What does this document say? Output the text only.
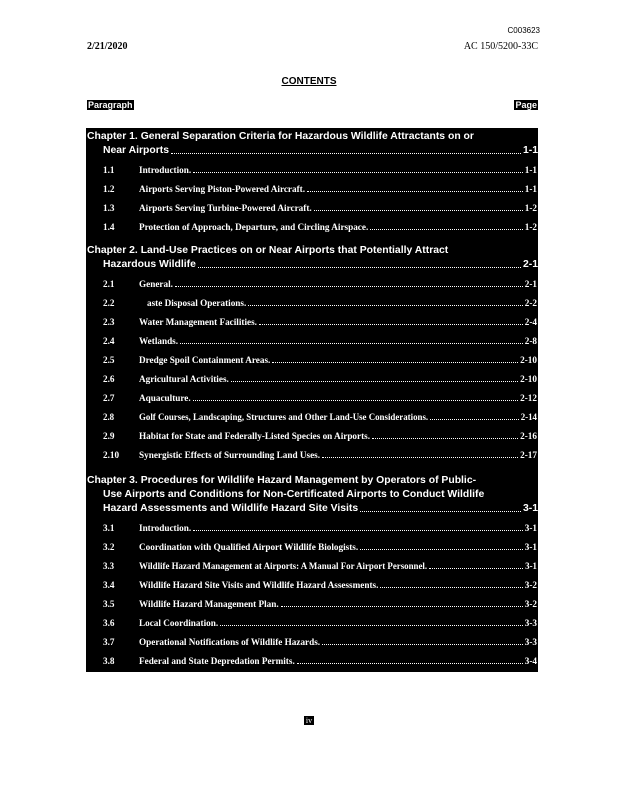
C003623
2/21/2020	AC 150/5200-33C
CONTENTS
Paragraph	Page
Chapter 1. General Separation Criteria for Hazardous Wildlife Attractants on or
Near Airports	1-1
1.1	Introduction.	1-1
1.2	Airports Serving Piston-Powered Aircraft.	1-1
1.3	Airports Serving Turbine-Powered Aircraft.	1-2
1.4	Protection of Approach, Departure, and Circling Airspace.	1-2
Chapter 2. Land-Use Practices on or Near Airports that Potentially Attract
Hazardous Wildlife	2-1
2.1	General.	2-1
2.2	aste Disposal Operations.	2-2
2.3	Water Management Facilities.	2-4
2.4	Wetlands.	2-8
2.5	Dredge Spoil Containment Areas.	2-10
2.6	Agricultural Activities.	2-10
2.7	Aquaculture.	2-12
2.8	Golf Courses, Landscaping, Structures and Other Land-Use Considerations.	2-14
2.9	Habitat for State and Federally-Listed Species on Airports.	2-16
2.10	Synergistic Effects of Surrounding Land Uses.	2-17
Chapter 3. Procedures for Wildlife Hazard Management by Operators of Public-
Use Airports and Conditions for Non-Certificated Airports to Conduct Wildlife
Hazard Assessments and Wildlife Hazard Site Visits	3-1
3.1	Introduction.	3-1
3.2	Coordination with Qualified Airport Wildlife Biologists.	3-1
3.3	Wildlife Hazard Management at Airports: A Manual For Airport Personnel.	3-1
3.4	Wildlife Hazard Site Visits and Wildlife Hazard Assessments.	3-2
3.5	Wildlife Hazard Management Plan.	3-2
3.6	Local Coordination.	3-3
3.7	Operational Notifications of Wildlife Hazards.	3-3
3.8	Federal and State Depredation Permits.	3-4
iv
